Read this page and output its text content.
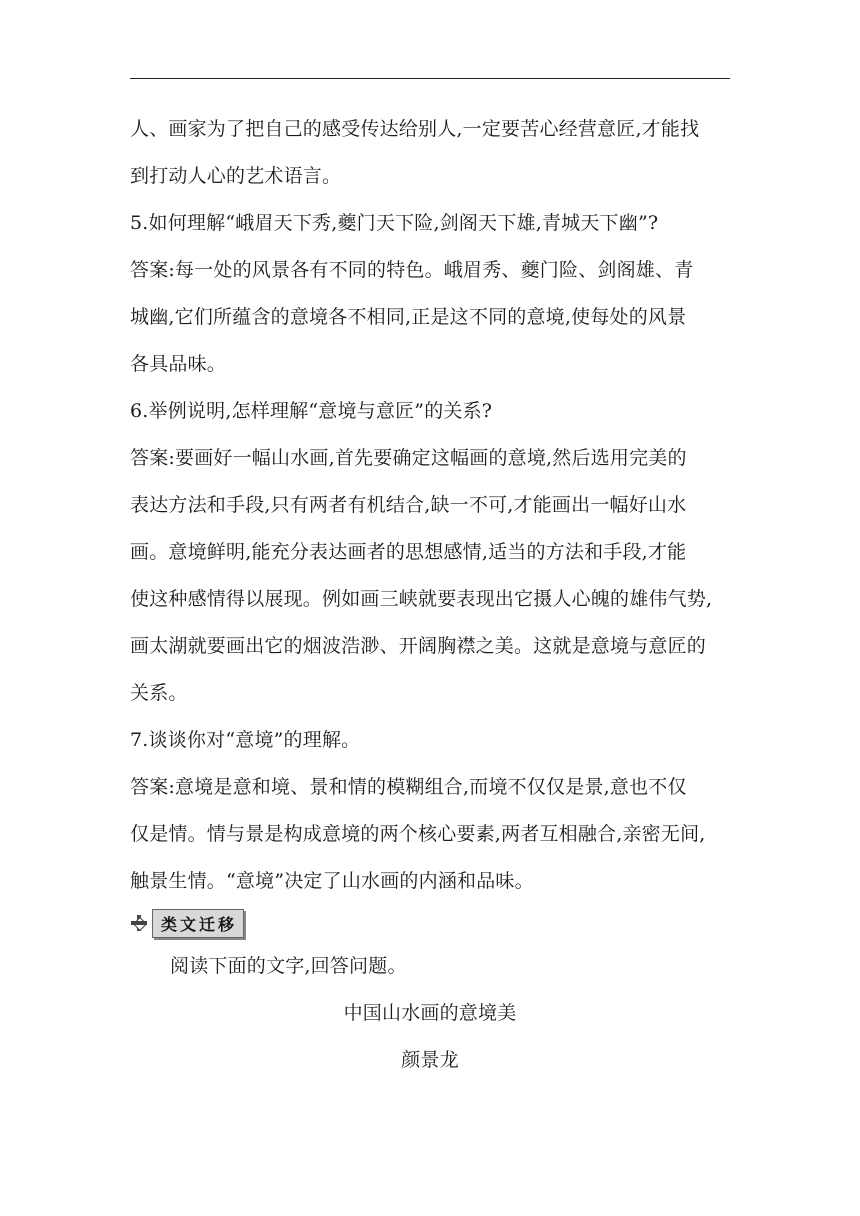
人、画家为了把自己的感受传达给别人,一定要苦心经营意匠,才能找
到打动人心的艺术语言。
5.如何理解“峨眉天下秀,夔门天下险,剑阁天下雄,青城天下幽”?
答案:每一处的风景各有不同的特色。峨眉秀、夔门险、剑阁雄、青
城幽,它们所蕴含的意境各不相同,正是这不同的意境,使每处的风景
各具品味。
6.举例说明,怎样理解“意境与意匠”的关系?
答案:要画好一幅山水画,首先要确定这幅画的意境,然后选用完美的
表达方法和手段,只有两者有机结合,缺一不可,才能画出一幅好山水
画。意境鲜明,能充分表达画者的思想感情,适当的方法和手段,才能
使这种感情得以展现。例如画三峡就要表现出它摄人心魄的雄伟气势,
画太湖就要画出它的烟波浩渺、开阔胸襟之美。这就是意境与意匠的
关系。
7.谈谈你对“意境”的理解。
答案:意境是意和境、景和情的模糊组合,而境不仅仅是景,意也不仅
仅是情。情与景是构成意境的两个核心要素,两者互相融合,亲密无间,
触景生情。“意境”决定了山水画的内涵和品味。
类文迁移
阅读下面的文字,回答问题。
中国山水画的意境美
颜景龙
